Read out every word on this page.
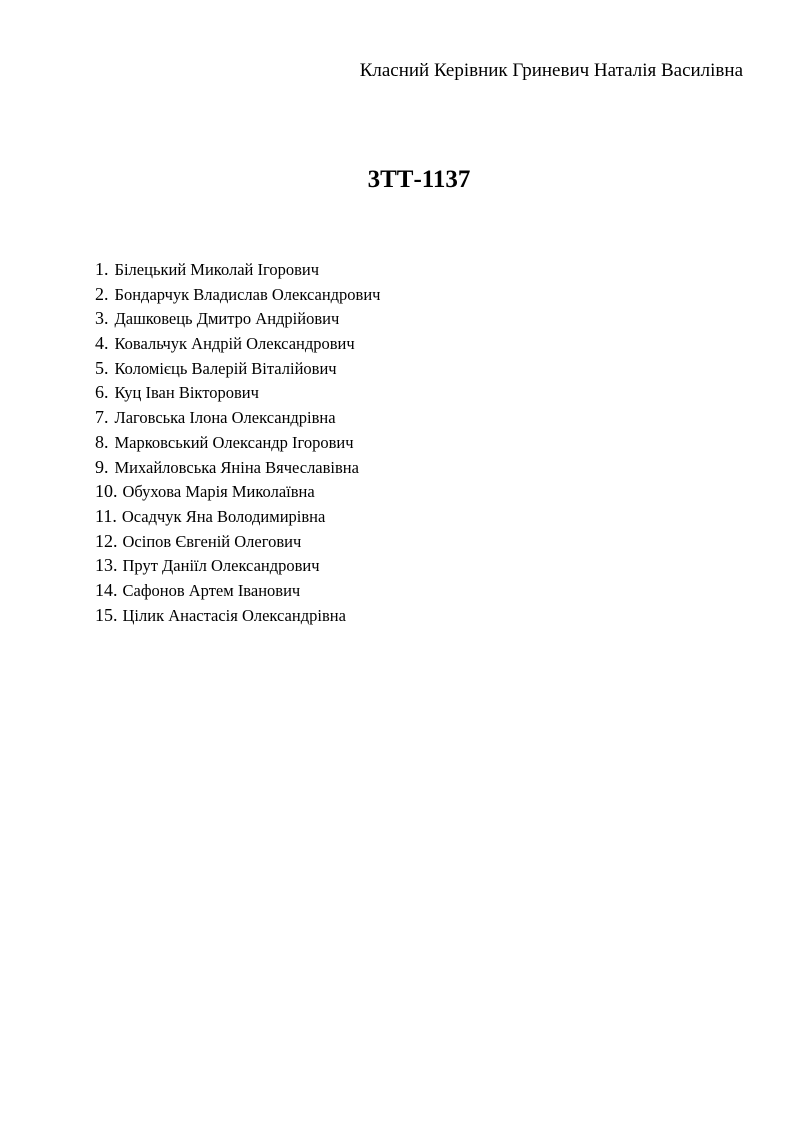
Класний Керівник Гриневич Наталія Василівна
3ТТ-1137
1. Білецький Миколай Ігорович
2. Бондарчук Владислав Олександрович
3. Дашковець Дмитро Андрійович
4. Ковальчук Андрій Олександрович
5. Коломієць Валерій Віталійович
6. Куц Іван Вікторович
7. Лаговська Ілона Олександрівна
8. Марковський Олександр Ігорович
9. Михайловська Яніна Вячеславівна
10. Обухова Марія Миколаївна
11. Осадчук Яна Володимирівна
12. Осіпов Євгеній Олегович
13. Прут Даніїл Олександрович
14. Сафонов Артем Іванович
15. Цілик Анастасія Олександрівна
